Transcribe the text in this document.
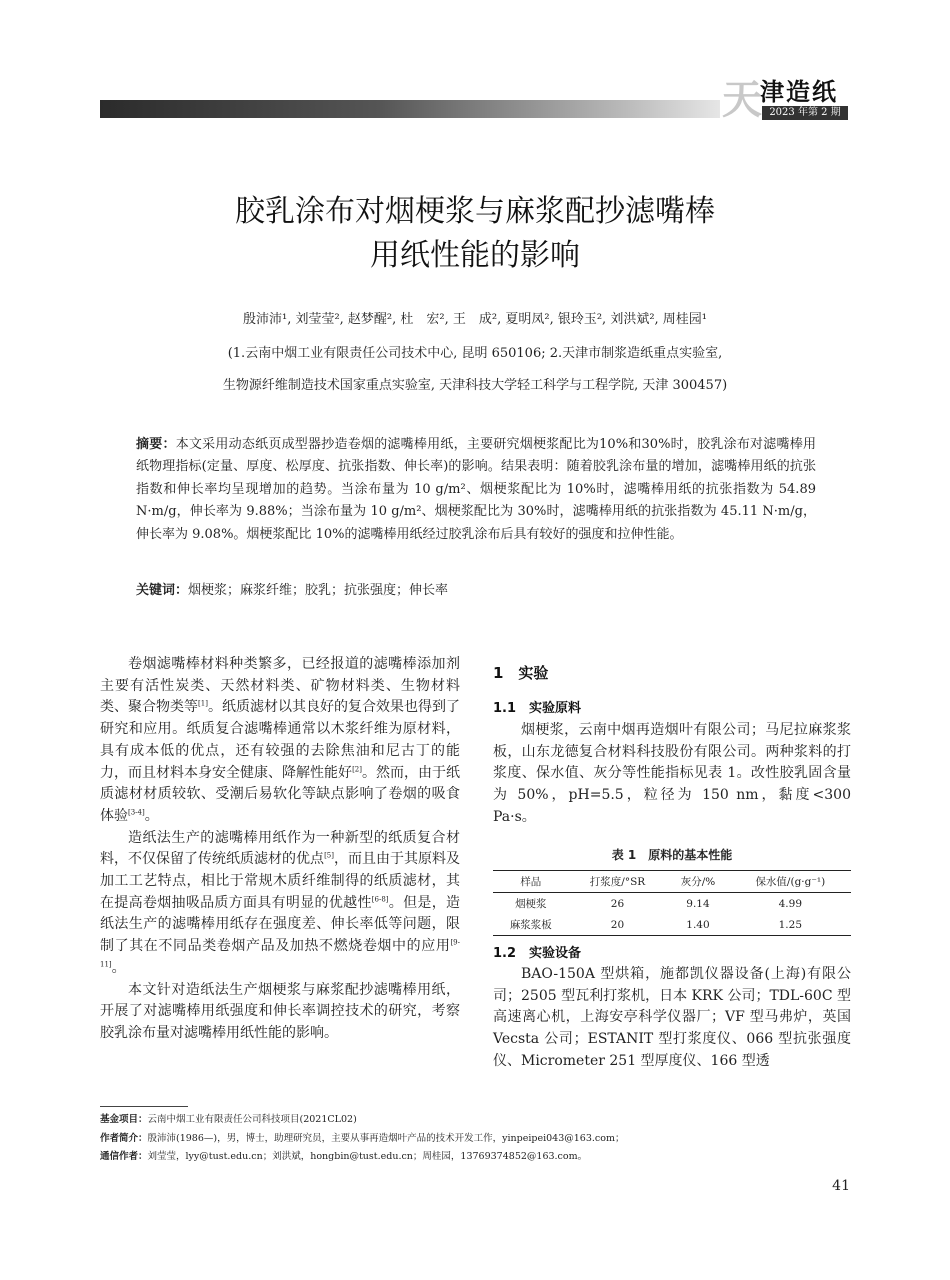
天
津造纸
2023 年第 2 期
胶乳涂布对烟梗浆与麻浆配抄滤嘴棒
用纸性能的影响
殷沛沛¹, 刘莹莹², 赵梦醒², 杜　宏², 王　成², 夏明凤², 银玲玉², 刘洪斌², 周桂园¹
(1.云南中烟工业有限责任公司技术中心, 昆明 650106; 2.天津市制浆造纸重点实验室,
生物源纤维制造技术国家重点实验室, 天津科技大学轻工科学与工程学院, 天津 300457)
摘要：本文采用动态纸页成型器抄造卷烟的滤嘴棒用纸，主要研究烟梗浆配比为10%和30%时，胶乳涂布对滤嘴棒用纸物理指标(定量、厚度、松厚度、抗张指数、伸长率)的影响。结果表明：随着胶乳涂布量的增加，滤嘴棒用纸的抗张指数和伸长率均呈现增加的趋势。当涂布量为 10 g/m²、烟梗浆配比为 10%时，滤嘴棒用纸的抗张指数为 54.89 N·m/g，伸长率为 9.88%；当涂布量为 10 g/m²、烟梗浆配比为 30%时，滤嘴棒用纸的抗张指数为 45.11 N·m/g，伸长率为 9.08%。烟梗浆配比 10%的滤嘴棒用纸经过胶乳涂布后具有较好的强度和拉伸性能。
关键词：烟梗浆；麻浆纤维；胶乳；抗张强度；伸长率

卷烟滤嘴棒材料种类繁多，已经报道的滤嘴棒添加剂主要有活性炭类、天然材料类、矿物材料类、生物材料类、聚合物类等[1]。纸质滤材以其良好的复合效果也得到了研究和应用。纸质复合滤嘴棒通常以木浆纤维为原材料，具有成本低的优点，还有较强的去除焦油和尼古丁的能力，而且材料本身安全健康、降解性能好[2]。然而，由于纸质滤材材质较软、受潮后易软化等缺点影响了卷烟的吸食体验[3-4]。

造纸法生产的滤嘴棒用纸作为一种新型的纸质复合材料，不仅保留了传统纸质滤材的优点[5]，而且由于其原料及加工工艺特点，相比于常规木质纤维制得的纸质滤材，其在提高卷烟抽吸品质方面具有明显的优越性[6-8]。但是，造纸法生产的滤嘴棒用纸存在强度差、伸长率低等问题，限制了其在不同品类卷烟产品及加热不燃烧卷烟中的应用[9-11]。

本文针对造纸法生产烟梗浆与麻浆配抄滤嘴棒用纸，开展了对滤嘴棒用纸强度和伸长率调控技术的研究，考察胶乳涂布量对滤嘴棒用纸性能的影响。

1　实验
1.1　实验原料

烟梗浆，云南中烟再造烟叶有限公司；马尼拉麻浆浆板，山东龙德复合材料科技股份有限公司。两种浆料的打浆度、保水值、灰分等性能指标见表 1。改性胶乳固含量为 50%，pH=5.5，粒径为 150 nm，黏度<300 Pa·s。

表 1　原料的基本性能
样品	打浆度/°SR	灰分/%	保水值/(g·g⁻¹)
烟梗浆	26	9.14	4.99
麻浆浆板	20	1.40	1.25
1.2　实验设备

BAO-150A 型烘箱，施都凯仪器设备(上海)有限公司；2505 型瓦利打浆机，日本 KRK 公司；TDL-60C 型高速离心机，上海安亭科学仪器厂；VF 型马弗炉，英国 Vecsta 公司；ESTANIT 型打浆度仪、066 型抗张强度仪、Micrometer 251 型厚度仪、166 型透

基金项目：云南中烟工业有限责任公司科技项目(2021CL02)
作者简介：殷沛沛(1986—)，男，博士，助理研究员，主要从事再造烟叶产品的技术开发工作，yinpeipei043@163.com；
通信作者：刘莹莹，lyy@tust.edu.cn；刘洪斌，hongbin@tust.edu.cn；周桂园，13769374852@163.com。
41
